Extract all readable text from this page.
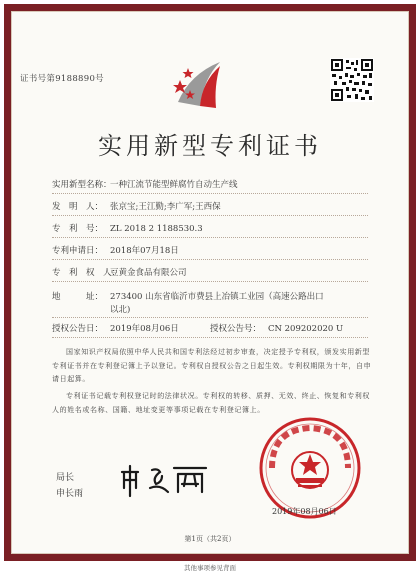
证书号第9188890号
实用新型专利证书
实用新型名称：一种江流节能型鲜腐竹自动生产线
发　明　人： 张京宝;王江勤;李广军;王西保
专　利　号： ZL 2018 2 1188530.3
专利申请日： 2018年07月18日
专　利　权　人：豆黄金食品有限公司
地　　　址： 273400 山东省临沂市费县上冶镇工业园（高速公路出口
以北)
授权公告日： 2019年08月06日	授权公告号： CN 209202020 U
国家知识产权局依照中华人民共和国专利法经过初步审查，决定授予专利权，颁发实用新型专利证书并在专利登记簿上予以登记。专利权自授权公告之日起生效。专利权期限为十年，自申请日起算。
专利证书记载专利权登记时的法律状况。专利权的转移、质押、无效、终止、恢复和专利权人的姓名或名称、国籍、地址变更等事项记载在专利登记簿上。
局长
申长雨
2019年08月06日
第1页（共2页）
其他事项参见背面
